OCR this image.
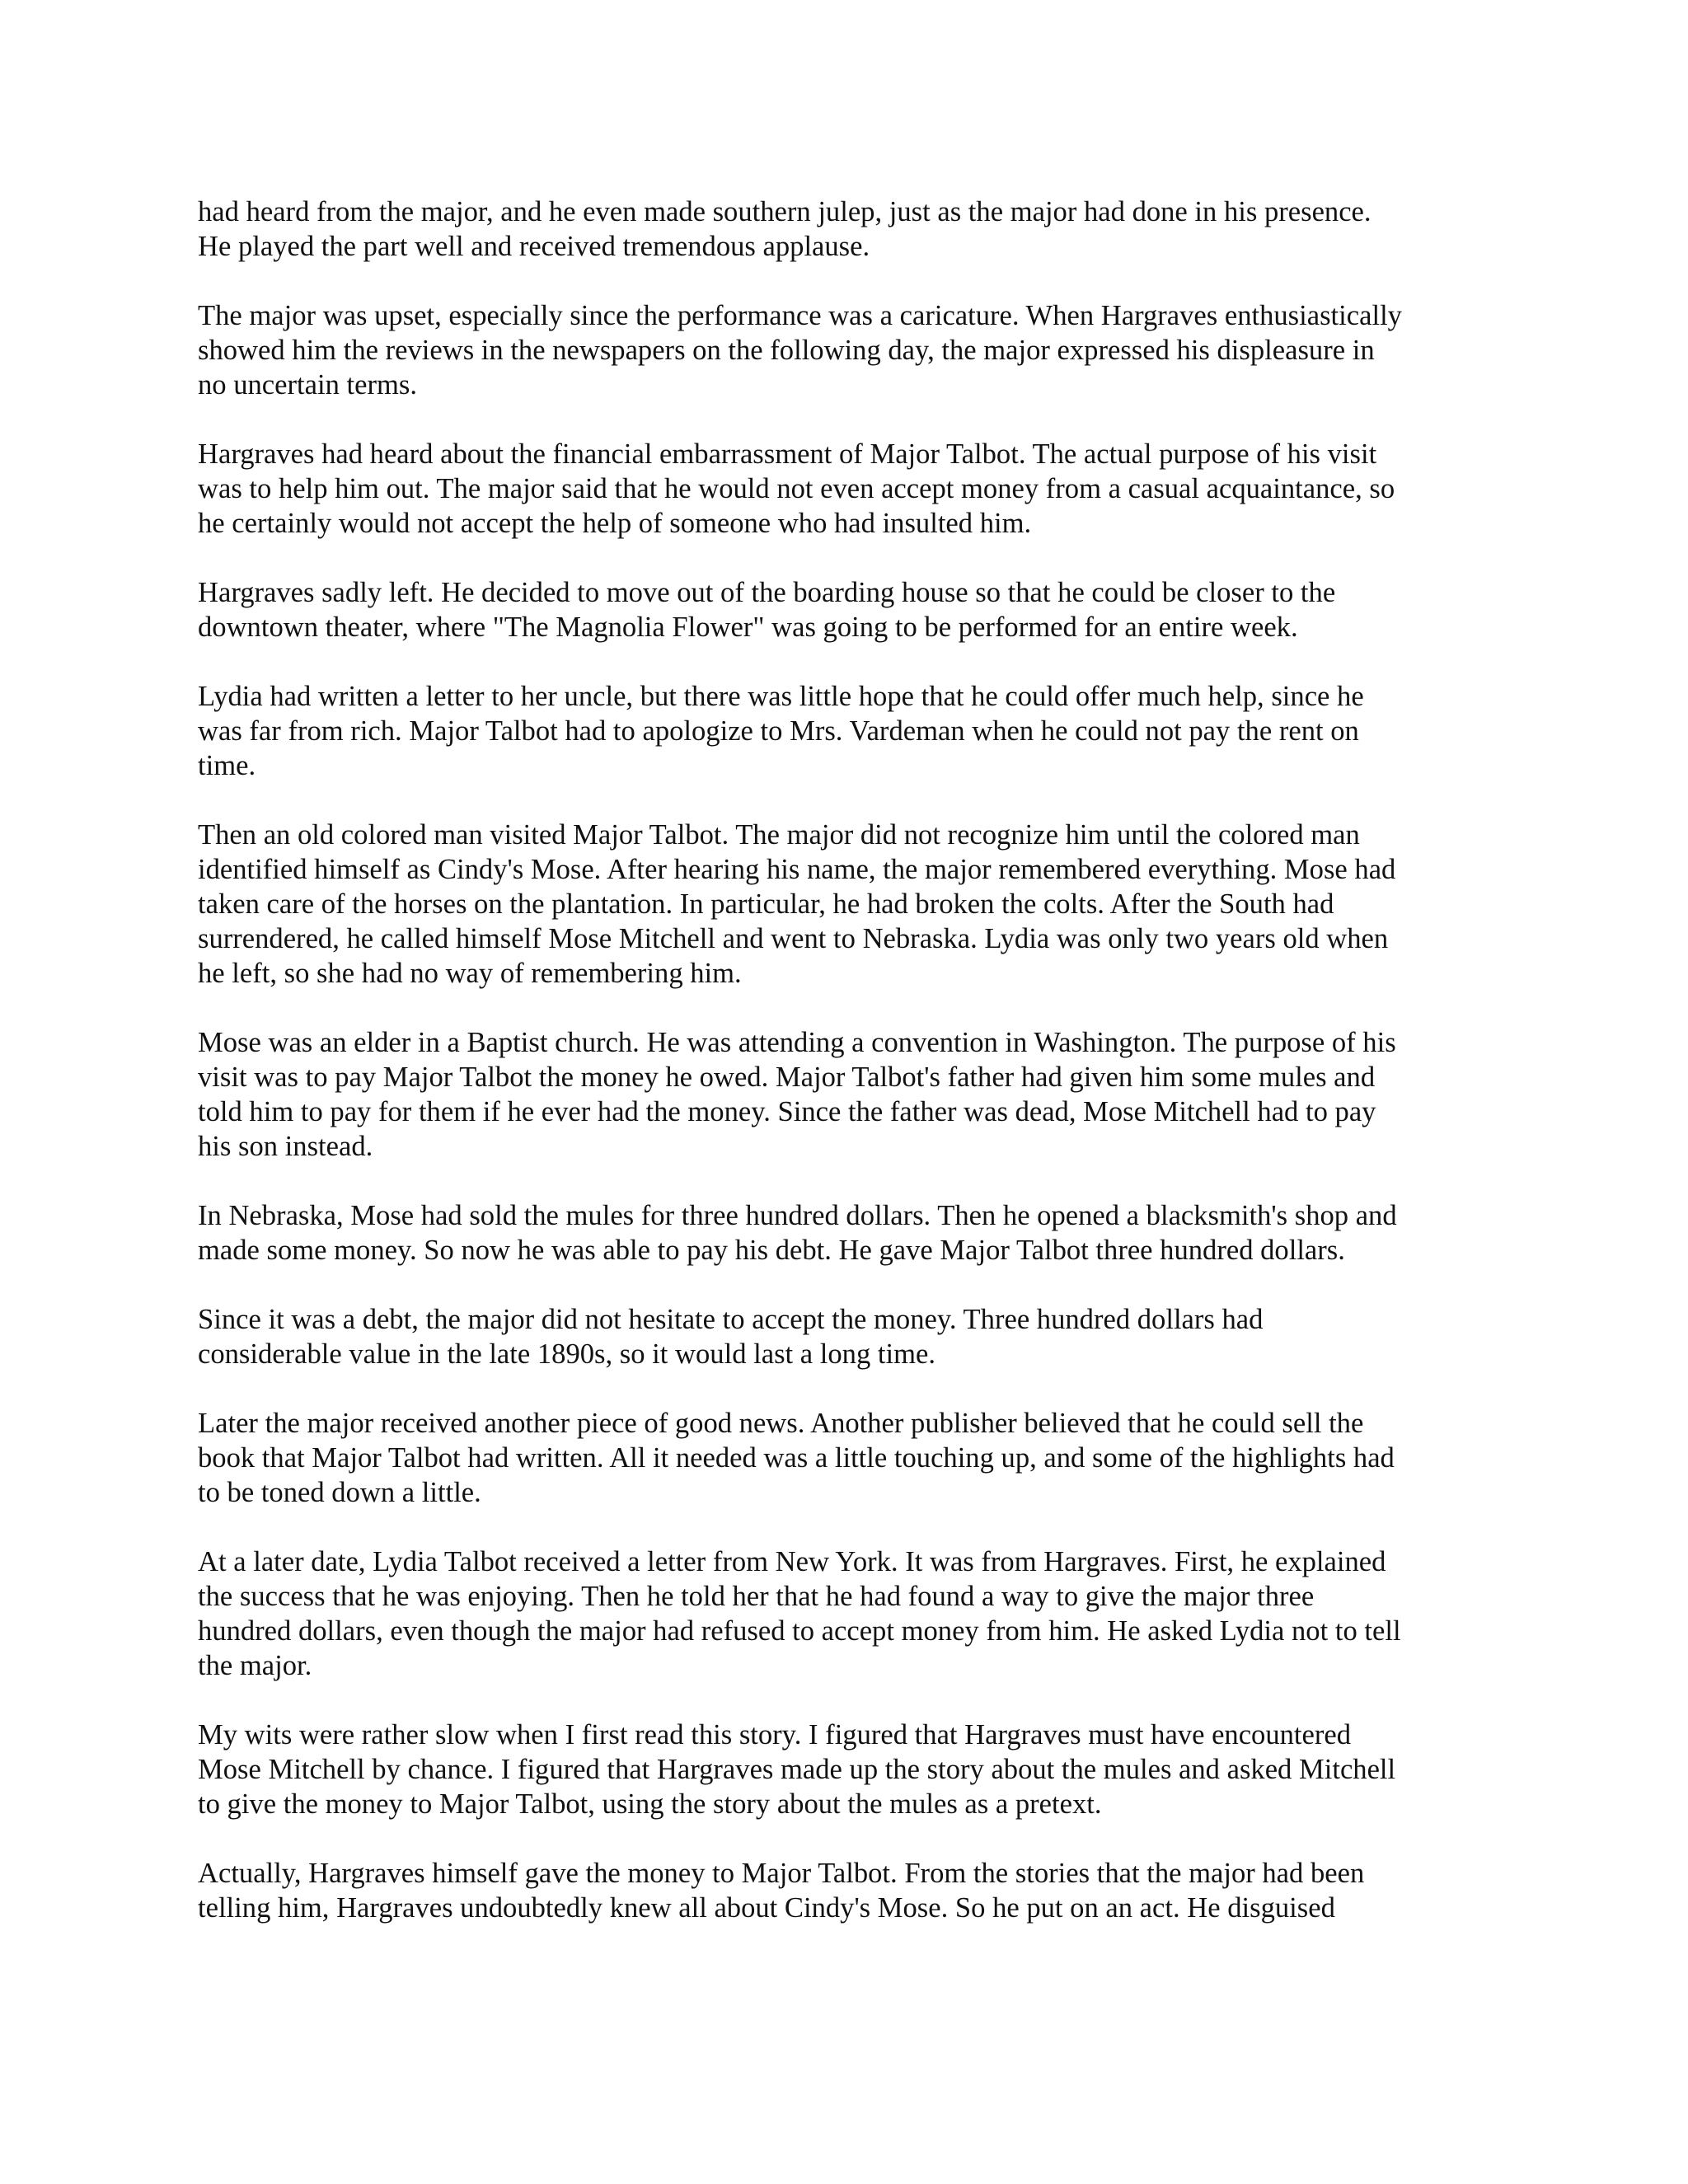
had heard from the major, and he even made southern julep, just as the major had done in his presence.
He played the part well and received tremendous applause.

The major was upset, especially since the performance was a caricature. When Hargraves enthusiastically
showed him the reviews in the newspapers on the following day, the major expressed his displeasure in
no uncertain terms.

Hargraves had heard about the financial embarrassment of Major Talbot. The actual purpose of his visit
was to help him out. The major said that he would not even accept money from a casual acquaintance, so
he certainly would not accept the help of someone who had insulted him.

Hargraves sadly left. He decided to move out of the boarding house so that he could be closer to the
downtown theater, where "The Magnolia Flower" was going to be performed for an entire week.

Lydia had written a letter to her uncle, but there was little hope that he could offer much help, since he
was far from rich. Major Talbot had to apologize to Mrs. Vardeman when he could not pay the rent on
time.

Then an old colored man visited Major Talbot. The major did not recognize him until the colored man
identified himself as Cindy's Mose. After hearing his name, the major remembered everything. Mose had
taken care of the horses on the plantation. In particular, he had broken the colts. After the South had
surrendered, he called himself Mose Mitchell and went to Nebraska. Lydia was only two years old when
he left, so she had no way of remembering him.

Mose was an elder in a Baptist church. He was attending a convention in Washington. The purpose of his
visit was to pay Major Talbot the money he owed. Major Talbot's father had given him some mules and
told him to pay for them if he ever had the money. Since the father was dead, Mose Mitchell had to pay
his son instead.

In Nebraska, Mose had sold the mules for three hundred dollars. Then he opened a blacksmith's shop and
made some money. So now he was able to pay his debt. He gave Major Talbot three hundred dollars.

Since it was a debt, the major did not hesitate to accept the money. Three hundred dollars had
considerable value in the late 1890s, so it would last a long time.

Later the major received another piece of good news. Another publisher believed that he could sell the
book that Major Talbot had written. All it needed was a little touching up, and some of the highlights had
to be toned down a little.

At a later date, Lydia Talbot received a letter from New York. It was from Hargraves. First, he explained
the success that he was enjoying. Then he told her that he had found a way to give the major three
hundred dollars, even though the major had refused to accept money from him. He asked Lydia not to tell
the major.

My wits were rather slow when I first read this story. I figured that Hargraves must have encountered
Mose Mitchell by chance. I figured that Hargraves made up the story about the mules and asked Mitchell
to give the money to Major Talbot, using the story about the mules as a pretext.

Actually, Hargraves himself gave the money to Major Talbot. From the stories that the major had been
telling him, Hargraves undoubtedly knew all about Cindy's Mose. So he put on an act. He disguised
